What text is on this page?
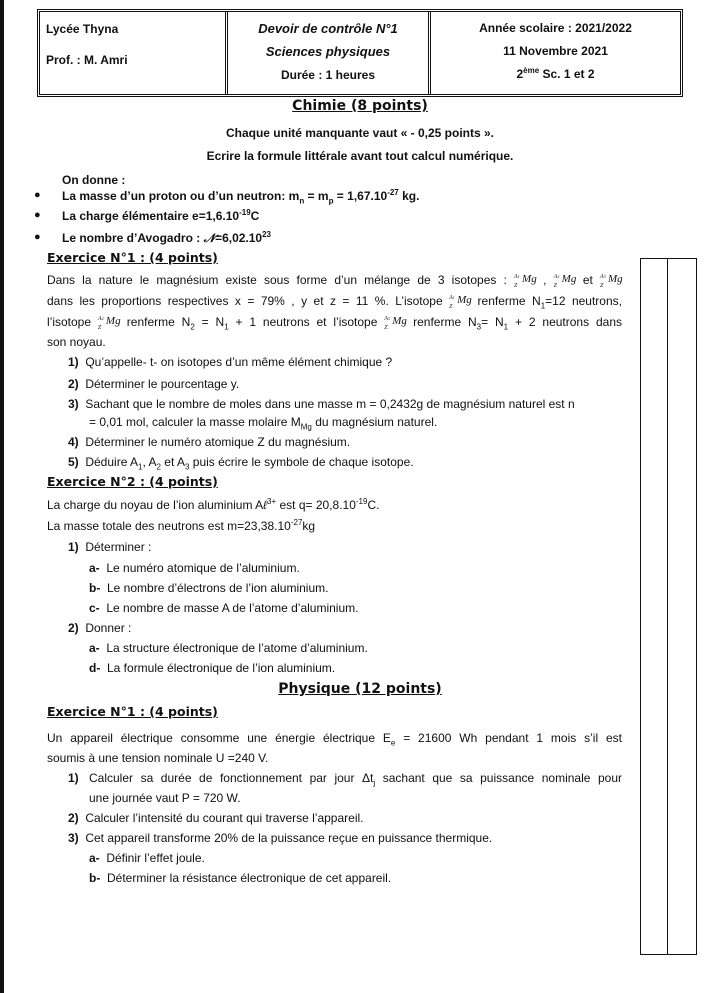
Lycée Thyna
Prof. : M. Amri
Devoir de contrôle N°1
Sciences physiques
Durée : 1 heures
Année scolaire : 2021/2022
11 Novembre 2021
2ème Sc. 1 et 2
Chimie (8 points)
Chaque unité manquante vaut « - 0,25 points ».
Ecrire la formule littérale avant tout calcul numérique.
On donne :
● La masse d’un proton ou d’un neutron: $m_n = m_p = 1,67.10^{-27}$ kg.
● La charge élémentaire $e=1,6.10^{-19}C$
● Le nombre d’Avogadro : $𝒩=6,02.10^{23}$
Exercice N°1 : (4 points)
Dans la nature le magnésium existe sous forme d’un mélange de 3 isotopes : A1
Z
Mg , A2
Z
Mg et A3
Z
Mg
dans les proportions respectives x = 79% , y et z = 11 %. L’isotope A1
Z
Mg renferme $N_1=12$ neutrons,
l’isotope A2
Z
Mg renferme $N_2 = N_1 + 1$ neutrons et l’isotope A3
Z
Mg renferme $N_3= N_1 + 2$ neutrons dans
son noyau.
1) Qu’appelle- t- on isotopes d’un même élément chimique ?
2) Déterminer le pourcentage y.
3) Sachant que le nombre de moles dans une masse m = 0,2432g de magnésium naturel est n
= 0,01 mol, calculer la masse molaire $M_{Mg}$ du magnésium naturel.
4) Déterminer le numéro atomique Z du magnésium.
5) Déduire $A_1$, $A_2$ et $A_3$ puis écrire le symbole de chaque isotope.
Exercice N°2 : (4 points)
La charge du noyau de l’ion aluminium Aℓ$^{3+}$ est $q= 20,8.10^{-19}C$.
La masse totale des neutrons est $m=23,38.10^{-27}kg$
1) Déterminer :
a- Le numéro atomique de l’aluminium.
b- Le nombre d’électrons de l’ion aluminium.
c- Le nombre de masse A de l’atome d’aluminium.
2) Donner :
a- La structure électronique de l’atome d’aluminium.
d- La formule électronique de l’ion aluminium.
Physique (12 points)
Exercice N°1 : (4 points)
Un appareil électrique consomme une énergie électrique $E_e = 21600$ Wh pendant 1 mois s’il est
soumis à une tension nominale U =240 V.
1) Calculer sa durée de fonctionnement par jour $\Delta t_j$ sachant que sa puissance nominale pour
une journée vaut P = 720 W.
2) Calculer l’intensité du courant qui traverse l’appareil.
3) Cet appareil transforme 20% de la puissance reçue en puissance thermique.
a- Définir l’effet joule.
b- Déterminer la résistance électronique de cet appareil.
